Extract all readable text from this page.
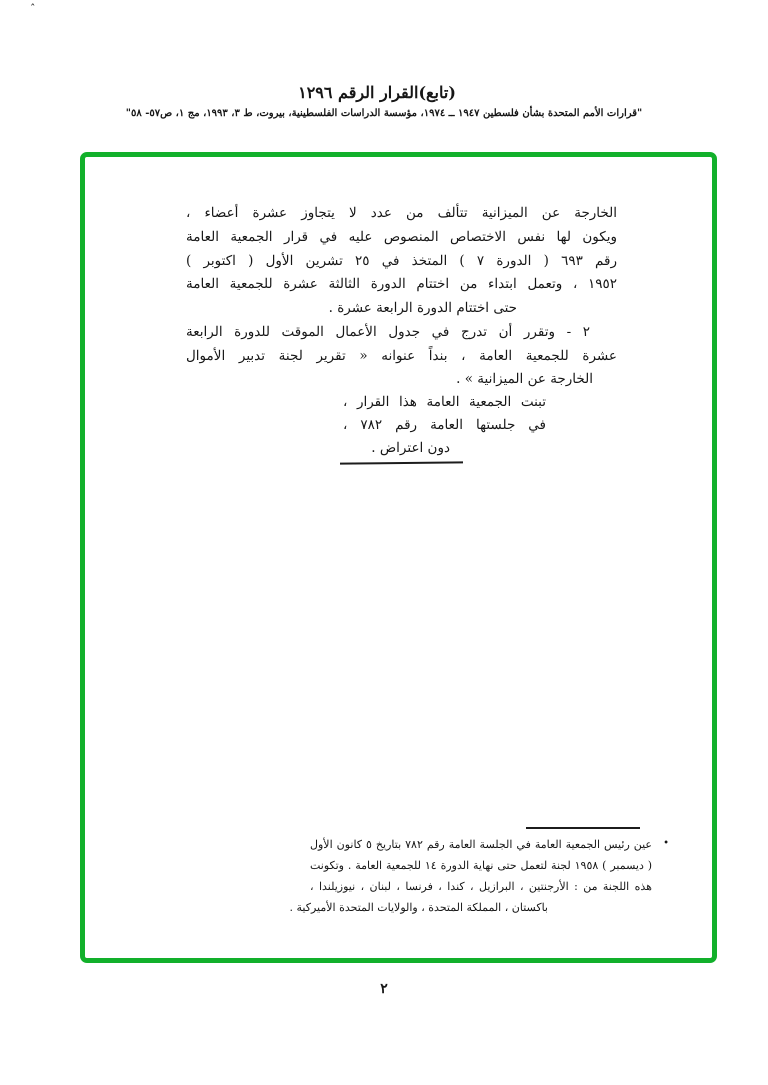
ˆ
(تابع)القرار الرقم ١٢٩٦
"قرارات الأمم المتحدة بشأن فلسطين ١٩٤٧ ــ ١٩٧٤، مؤسسة الدراسات الفلسطينية، بيروت، ط ٣، ١٩٩٣، مج ١، ص٥٧- ٥٨"
الخارجة عن الميزانية تتألف من عدد لا يتجاوز عشرة أعضاء ،
ويكون لها نفس الاختصاص المنصوص عليه في قرار الجمعية العامة
رقم ٦٩٣ ( الدورة ٧ ) المتخذ في ٢٥ تشرين الأول ( اكتوبر )
١٩٥٢ ، وتعمل ابتداء من اختتام الدورة الثالثة عشرة للجمعية العامة
حتى اختتام الدورة الرابعة عشرة .
٢ - وتقرر أن تدرج في جدول الأعمال الموقت للدورة الرابعة
عشرة للجمعية العامة ، بنداً عنوانه « تقرير لجنة تدبير الأموال
الخارجة عن الميزانية » .
تبنت الجمعية العامة هذا القرار ،
في جلستها العامة رقم ٧٨٢ ،
دون اعتراض .
•
عين رئيس الجمعية العامة في الجلسة العامة رقم ٧٨٢ بتاريخ ٥ كانون الأول
( ديسمبر ) ١٩٥٨ لجنة لتعمل حتى نهاية الدورة ١٤ للجمعية العامة . وتكونت
هذه اللجنة من : الأرجنتين ، البرازيل ، كندا ، فرنسا ، لبنان ، نيوزيلندا ،
باكستان ، المملكة المتحدة ، والولايات المتحدة الأميركية .
٢
